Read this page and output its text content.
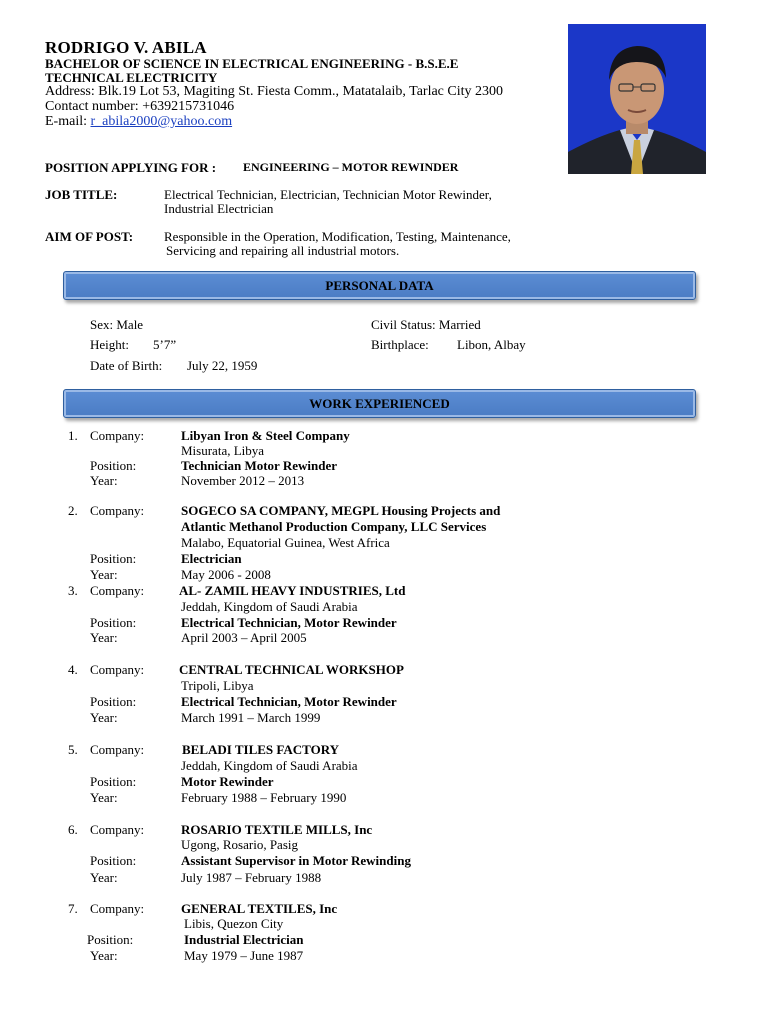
RODRIGO V. ABILA
BACHELOR OF SCIENCE IN ELECTRICAL ENGINEERING - B.S.E.E
TECHNICAL ELECTRICITY
Address: Blk.19 Lot 53, Magiting St. Fiesta Comm., Matatalaib, Tarlac City 2300
Contact number: +639215731046
E-mail: r_abila2000@yahoo.com
POSITION APPLYING FOR : ENGINEERING – MOTOR REWINDER
JOB TITLE:	Electrical Technician, Electrician, Technician Motor Rewinder,
Industrial Electrician
AIM OF POST: Responsible in the Operation, Modification, Testing, Maintenance,
Servicing and repairing all industrial motors.
PERSONAL DATA
Sex: Male
Height: 5’7”
Date of Birth: July 22, 1959
Civil Status: Married
Birthplace: Libon, Albay
WORK EXPERIENCED
1. Company:	Libyan Iron & Steel Company
Misurata, Libya
Position:	Technician Motor Rewinder
Year:	November 2012 – 2013
2. Company:	SOGECO SA COMPANY, MEGPL Housing Projects and
Atlantic Methanol Production Company, LLC Services
Malabo, Equatorial Guinea, West Africa
Position:	Electrician
Year:	May 2006 - 2008
3. Company:	AL- ZAMIL HEAVY INDUSTRIES, Ltd
Jeddah, Kingdom of Saudi Arabia
Position:	Electrical Technician, Motor Rewinder
Year:	April 2003 – April 2005
4. Company:	CENTRAL TECHNICAL WORKSHOP
Tripoli, Libya
Position:	Electrical Technician, Motor Rewinder
Year:	March 1991 – March 1999
5. Company:	BELADI TILES FACTORY
Jeddah, Kingdom of Saudi Arabia
Position:	Motor Rewinder
Year:	February 1988 – February 1990
6. Company:	ROSARIO TEXTILE MILLS, Inc
Ugong, Rosario, Pasig
Position:	Assistant Supervisor in Motor Rewinding
Year:	July 1987 – February 1988
7. Company:	GENERAL TEXTILES, Inc
Libis, Quezon City
Position:	Industrial Electrician
Year:	May 1979 – June 1987
